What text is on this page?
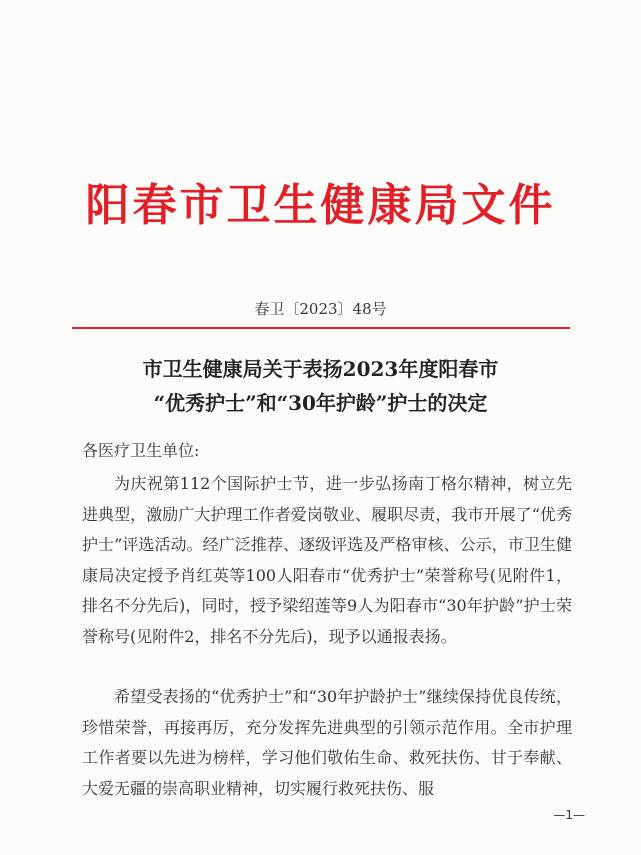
阳春市卫生健康局文件
春卫〔2023〕48号
市卫生健康局关于表扬2023年度阳春市
“优秀护士”和“30年护龄”护士的决定
各医疗卫生单位:
为庆祝第112个国际护士节，进一步弘扬南丁格尔精神，树立先进典型，激励广大护理工作者爱岗敬业、履职尽责，我市开展了“优秀护士”评选活动。经广泛推荐、逐级评选及严格审核、公示，市卫生健康局决定授予肖红英等100人阳春市“优秀护士”荣誉称号(见附件1，排名不分先后)，同时，授予梁绍莲等9人为阳春市“30年护龄”护士荣誉称号(见附件2，排名不分先后)，现予以通报表扬。
希望受表扬的“优秀护士”和“30年护龄护士”继续保持优良传统，珍惜荣誉，再接再厉，充分发挥先进典型的引领示范作用。全市护理工作者要以先进为榜样，学习他们敬佑生命、救死扶伤、甘于奉献、大爱无疆的崇高职业精神，切实履行救死扶伤、服
—1—
